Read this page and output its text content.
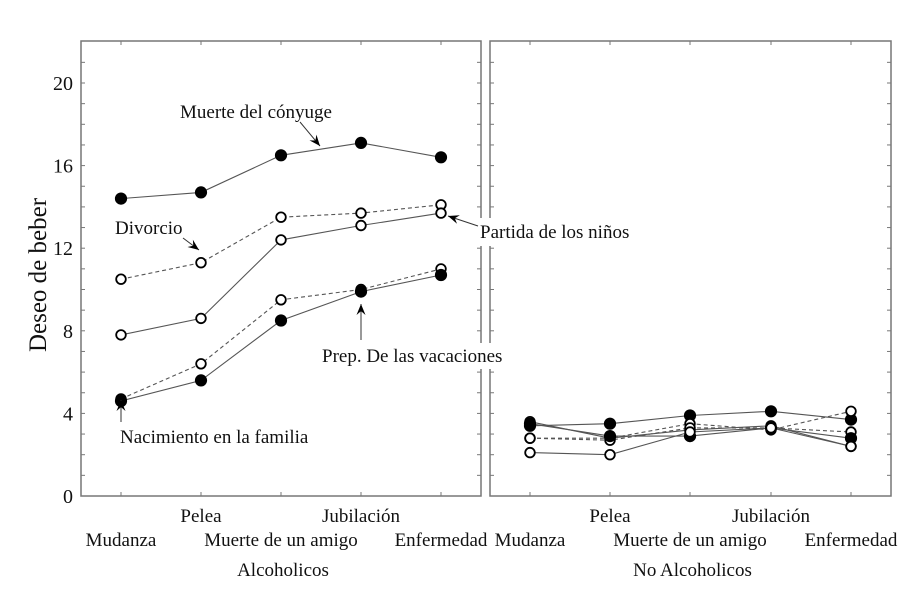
Muerte del cónyuge
Divorcio	Partida de los niños
Prep. De las vacaciones
Nacimiento en la familia
0
4
8
12
16
20
Deseo de beber
Mudanza	Muerte de un amigo Enfermedad
Pelea	Jubilación
Alcoholicos
Mudanza	Muerte de un amigo Enfermedad
Pelea	Jubilación
No Alcoholicos
